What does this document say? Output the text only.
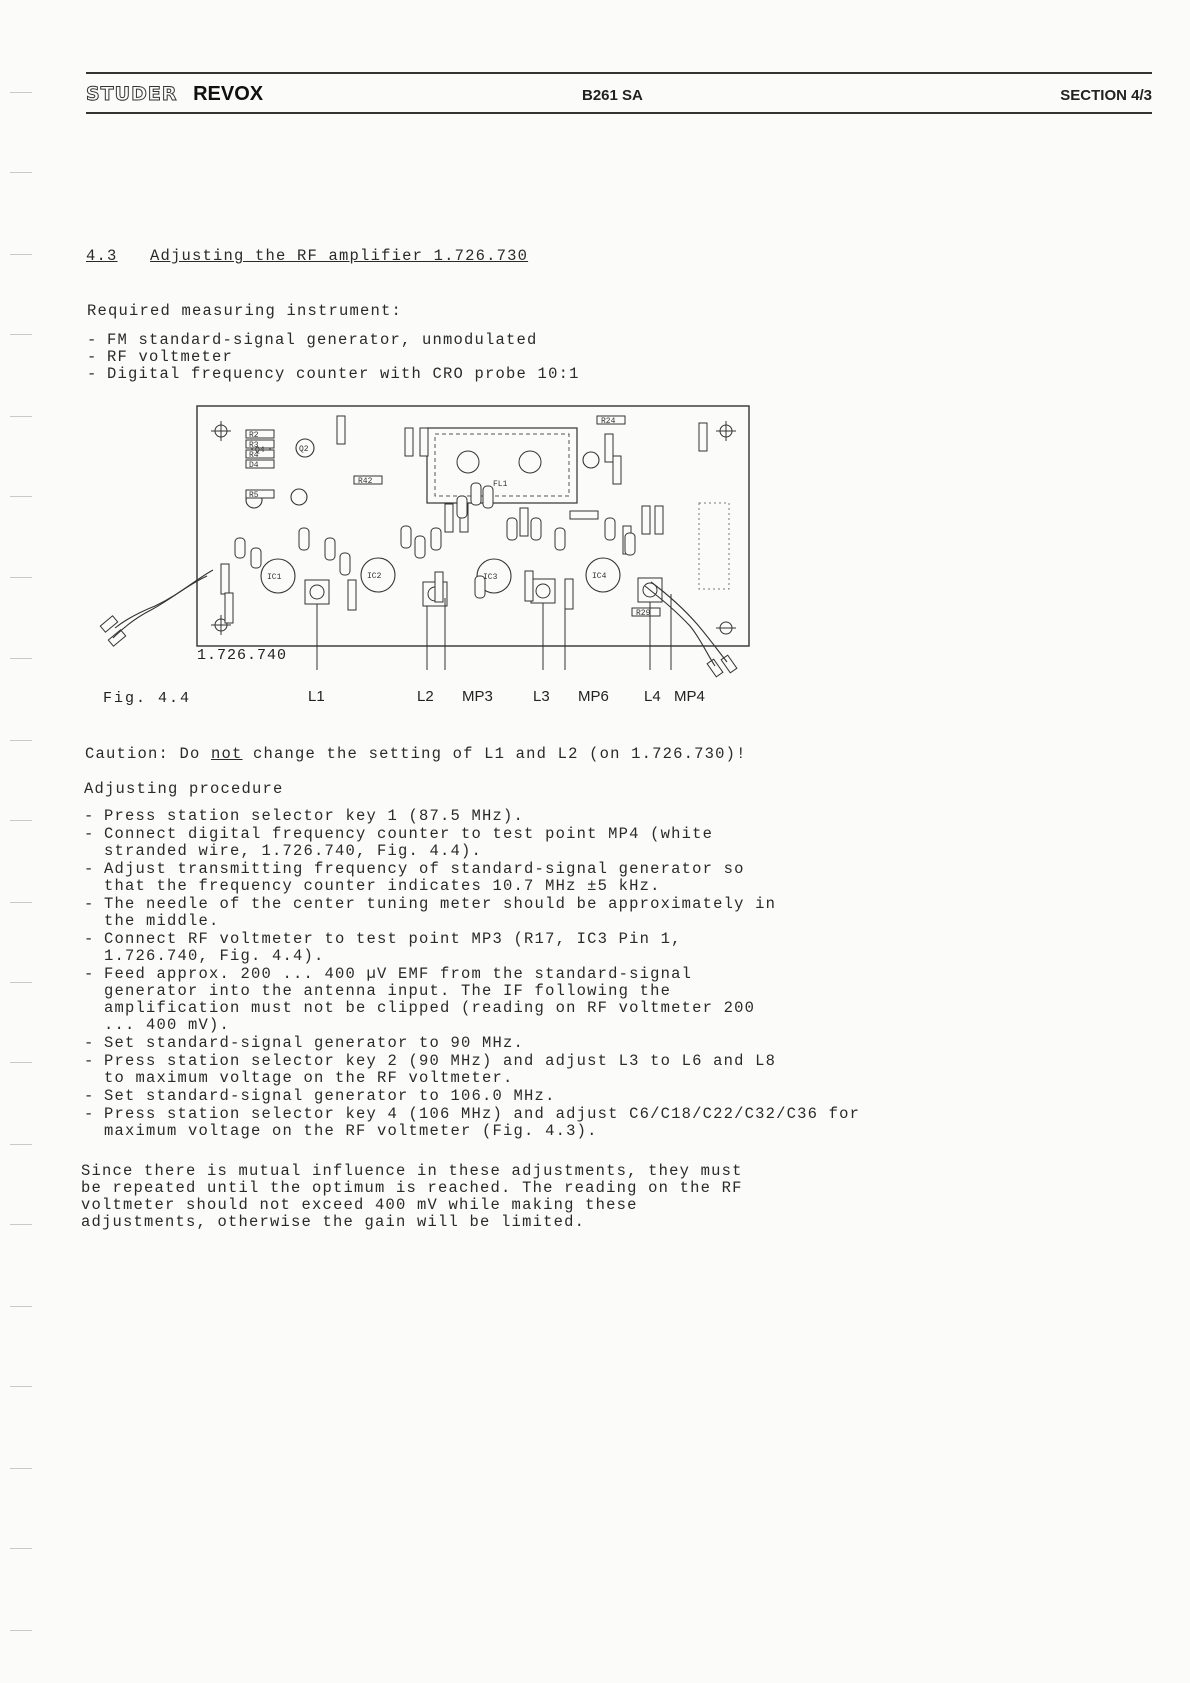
STUDER REVOX	B261 SA	SECTION 4/3
4.3 Adjusting the RF amplifier 1.726.730
Required measuring instrument:
- FM standard-signal generator, unmodulated
- RF voltmeter
- Digital frequency counter with CRO probe 10:1
R2
R3
R4
D4
R5
R42
R24
FL1
IC1	IC2	IC3	IC4
R29
Q4	Q2
1.726.740
Fig. 4.4	L1	L2 MP3	L3 MP6 L4 MP4
Caution: Do not change the setting of L1 and L2 (on 1.726.730)!
Adjusting procedure
- Press station selector key 1 (87.5 MHz).
- Connect digital frequency counter to test point MP4 (white stranded wire, 1.726.740, Fig. 4.4).
- Adjust transmitting frequency of standard-signal generator so that the frequency counter indicates 10.7 MHz ±5 kHz.
- The needle of the center tuning meter should be approximately in the middle.
- Connect RF voltmeter to test point MP3 (R17, IC3 Pin 1, 1.726.740, Fig. 4.4).
- Feed approx. 200 ... 400 µV EMF from the standard-signal generator into the antenna input. The IF following the amplification must not be clipped (reading on RF voltmeter 200 ... 400 mV).
- Set standard-signal generator to 90 MHz.
- Press station selector key 2 (90 MHz) and adjust L3 to L6 and L8 to maximum voltage on the RF voltmeter.
- Set standard-signal generator to 106.0 MHz.
- Press station selector key 4 (106 MHz) and adjust C6/C18/C22/C32/C36 for maximum voltage on the RF voltmeter (Fig. 4.3).
Since there is mutual influence in these adjustments, they must be repeated until the optimum is reached. The reading on the RF voltmeter should not exceed 400 mV while making these adjustments, otherwise the gain will be limited.
